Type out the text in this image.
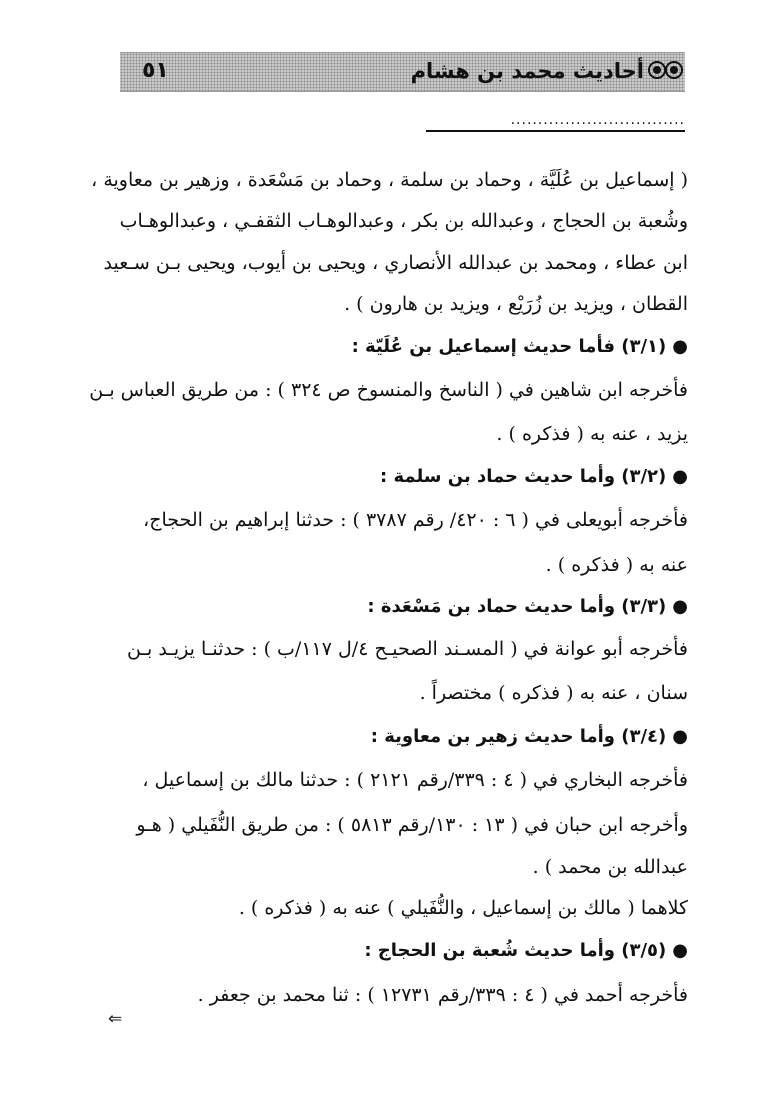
٥١	أحاديث محمد بن هشام
................................
( إسماعيل بن عُلَيَّة ، وحماد بن سلمة ، وحماد بن مَسْعَدة ، وزهير بن معاوية ،
وشُعبة بن الحجاج ، وعبدالله بن بكر ، وعبدالوهـاب الثقفـي ، وعبدالوهـاب
ابن عطاء ، ومحمد بن عبدالله الأنصاري ، ويحيى بن أيوب، ويحيى بـن سـعيد
القطان ، ويزيد بن زُرَيْع ، ويزيد بن هارون ) .
●(٣/١) فأما حديث إسماعيل بن عُلَيّة :
فأخرجه ابن شاهين في ( الناسخ والمنسوخ ص ٣٢٤ ) : من طريق العباس بـن
يزيد ، عنه به ( فذكره ) .
●(٣/٢) وأما حديث حماد بن سلمة :
فأخرجه أبويعلى في ( ٦ : ٤٢٠/ رقم ٣٧٨٧ ) : حدثنا إبراهيم بن الحجاج،
عنه به ( فذكره ) .
●(٣/٣) وأما حديث حماد بن مَسْعَدة :
فأخرجه أبو عوانة في ( المسـند الصحيـح ٤/ل ١١٧/ب ) : حدثنـا يزيـد بـن
سنان ، عنه به ( فذكره ) مختصراً .
●(٣/٤) وأما حديث زهير بن معاوية :
فأخرجه البخاري في ( ٤ : ٣٣٩/رقم ٢١٢١ ) : حدثنا مالك بن إسماعيل ،
وأخرجه ابن حبان في ( ١٣ : ١٣٠/رقم ٥٨١٣ ) : من طريق النُّفَيلي ( هـو
عبدالله بن محمد ) .
كلاهما ( مالك بن إسماعيل ، والنُّفَيلي ) عنه به ( فذكره ) .
●(٣/٥) وأما حديث شُعبة بن الحجاج :
فأخرجه أحمد في ( ٤ : ٣٣٩/رقم ١٢٧٣١ ) : ثنا محمد بن جعفر .
⇐
